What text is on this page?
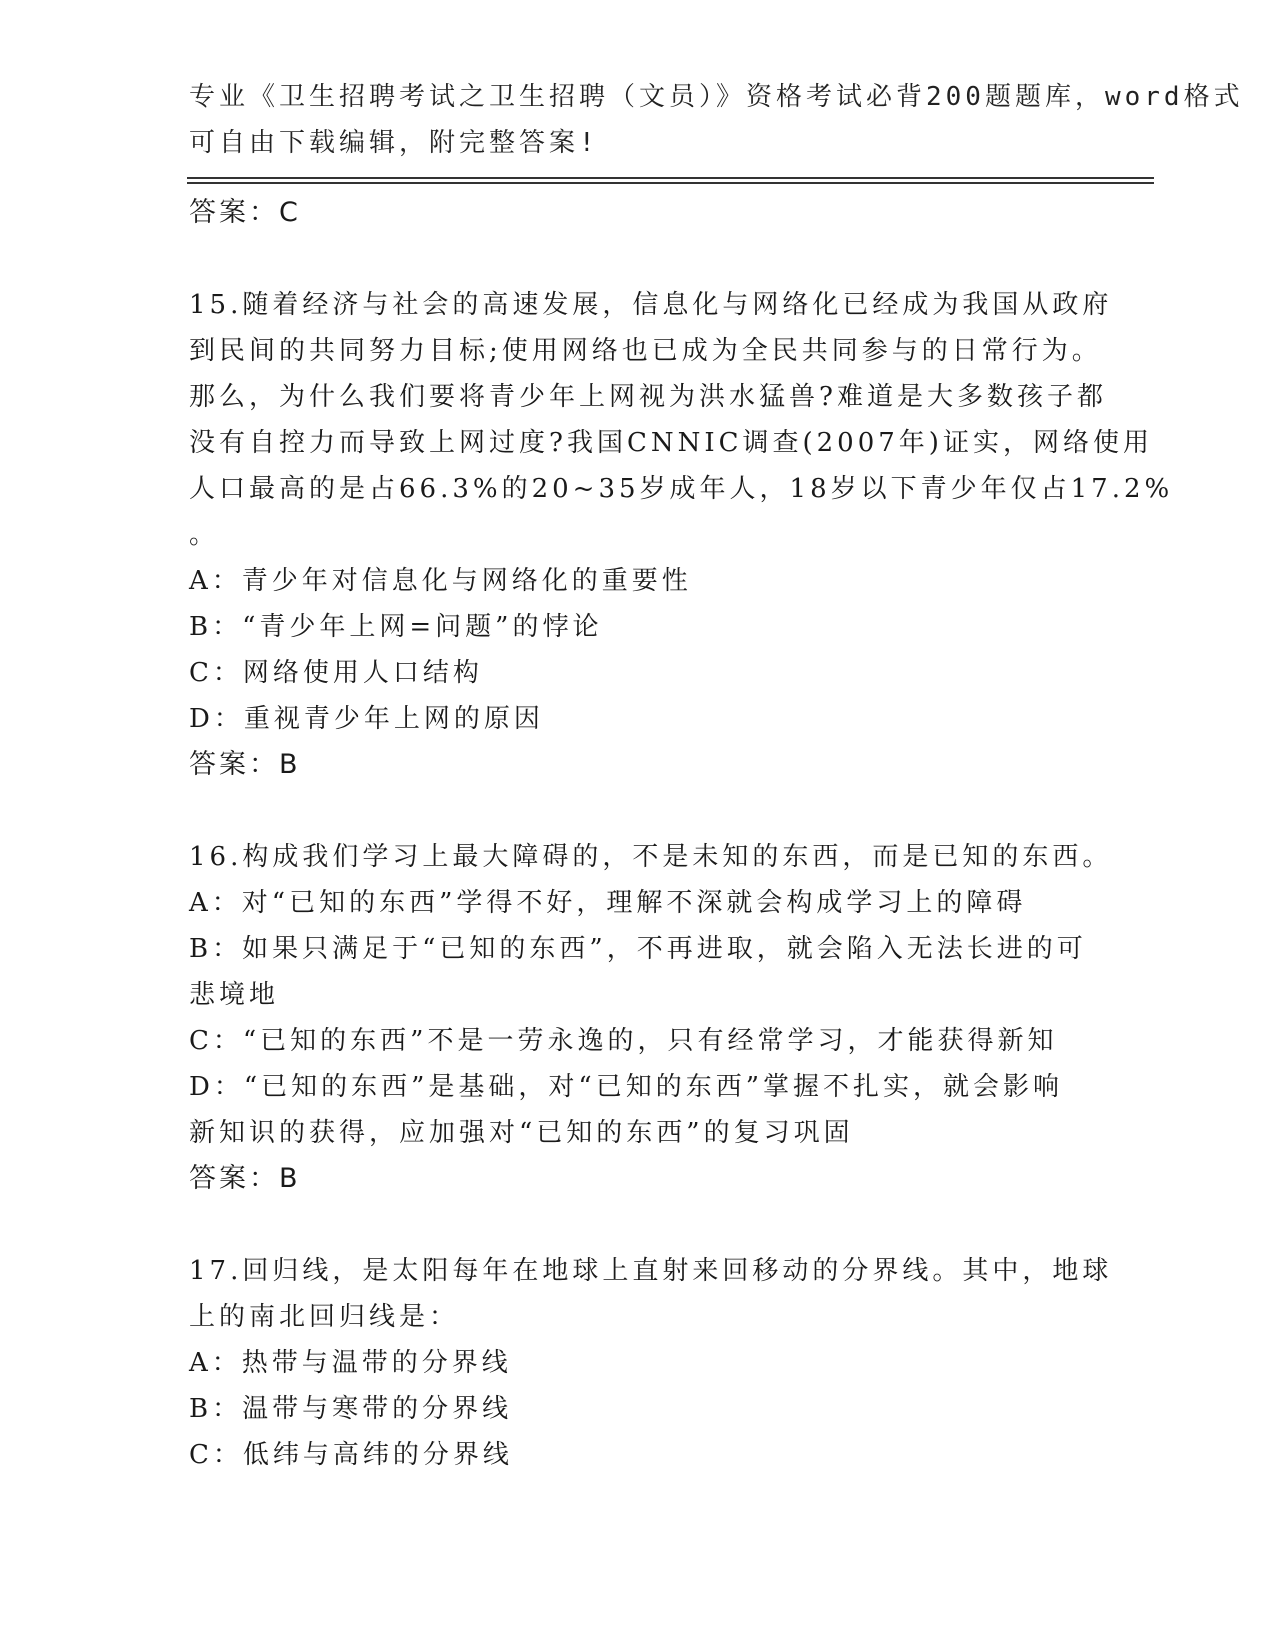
专业《卫生招聘考试之卫生招聘（文员）》资格考试必背200题题库，word格式
可自由下载编辑，附完整答案!
答案：C
15.随着经济与社会的高速发展，信息化与网络化已经成为我国从政府
到民间的共同努力目标;使用网络也已成为全民共同参与的日常行为。
那么，为什么我们要将青少年上网视为洪水猛兽?难道是大多数孩子都
没有自控力而导致上网过度?我国CNNIC调查(2007年)证实，网络使用
人口最高的是占66.3%的20~35岁成年人，18岁以下青少年仅占17.2%
。
A：青少年对信息化与网络化的重要性
B：“青少年上网=问题”的悖论
C：网络使用人口结构
D：重视青少年上网的原因
答案：B
16.构成我们学习上最大障碍的，不是未知的东西，而是已知的东西。
A：对“已知的东西”学得不好，理解不深就会构成学习上的障碍
B：如果只满足于“已知的东西”，不再进取，就会陷入无法长进的可
悲境地
C：“已知的东西”不是一劳永逸的，只有经常学习，才能获得新知
D：“已知的东西”是基础，对“已知的东西”掌握不扎实，就会影响
新知识的获得，应加强对“已知的东西”的复习巩固
答案：B
17.回归线，是太阳每年在地球上直射来回移动的分界线。其中，地球
上的南北回归线是：
A：热带与温带的分界线
B：温带与寒带的分界线
C：低纬与高纬的分界线
